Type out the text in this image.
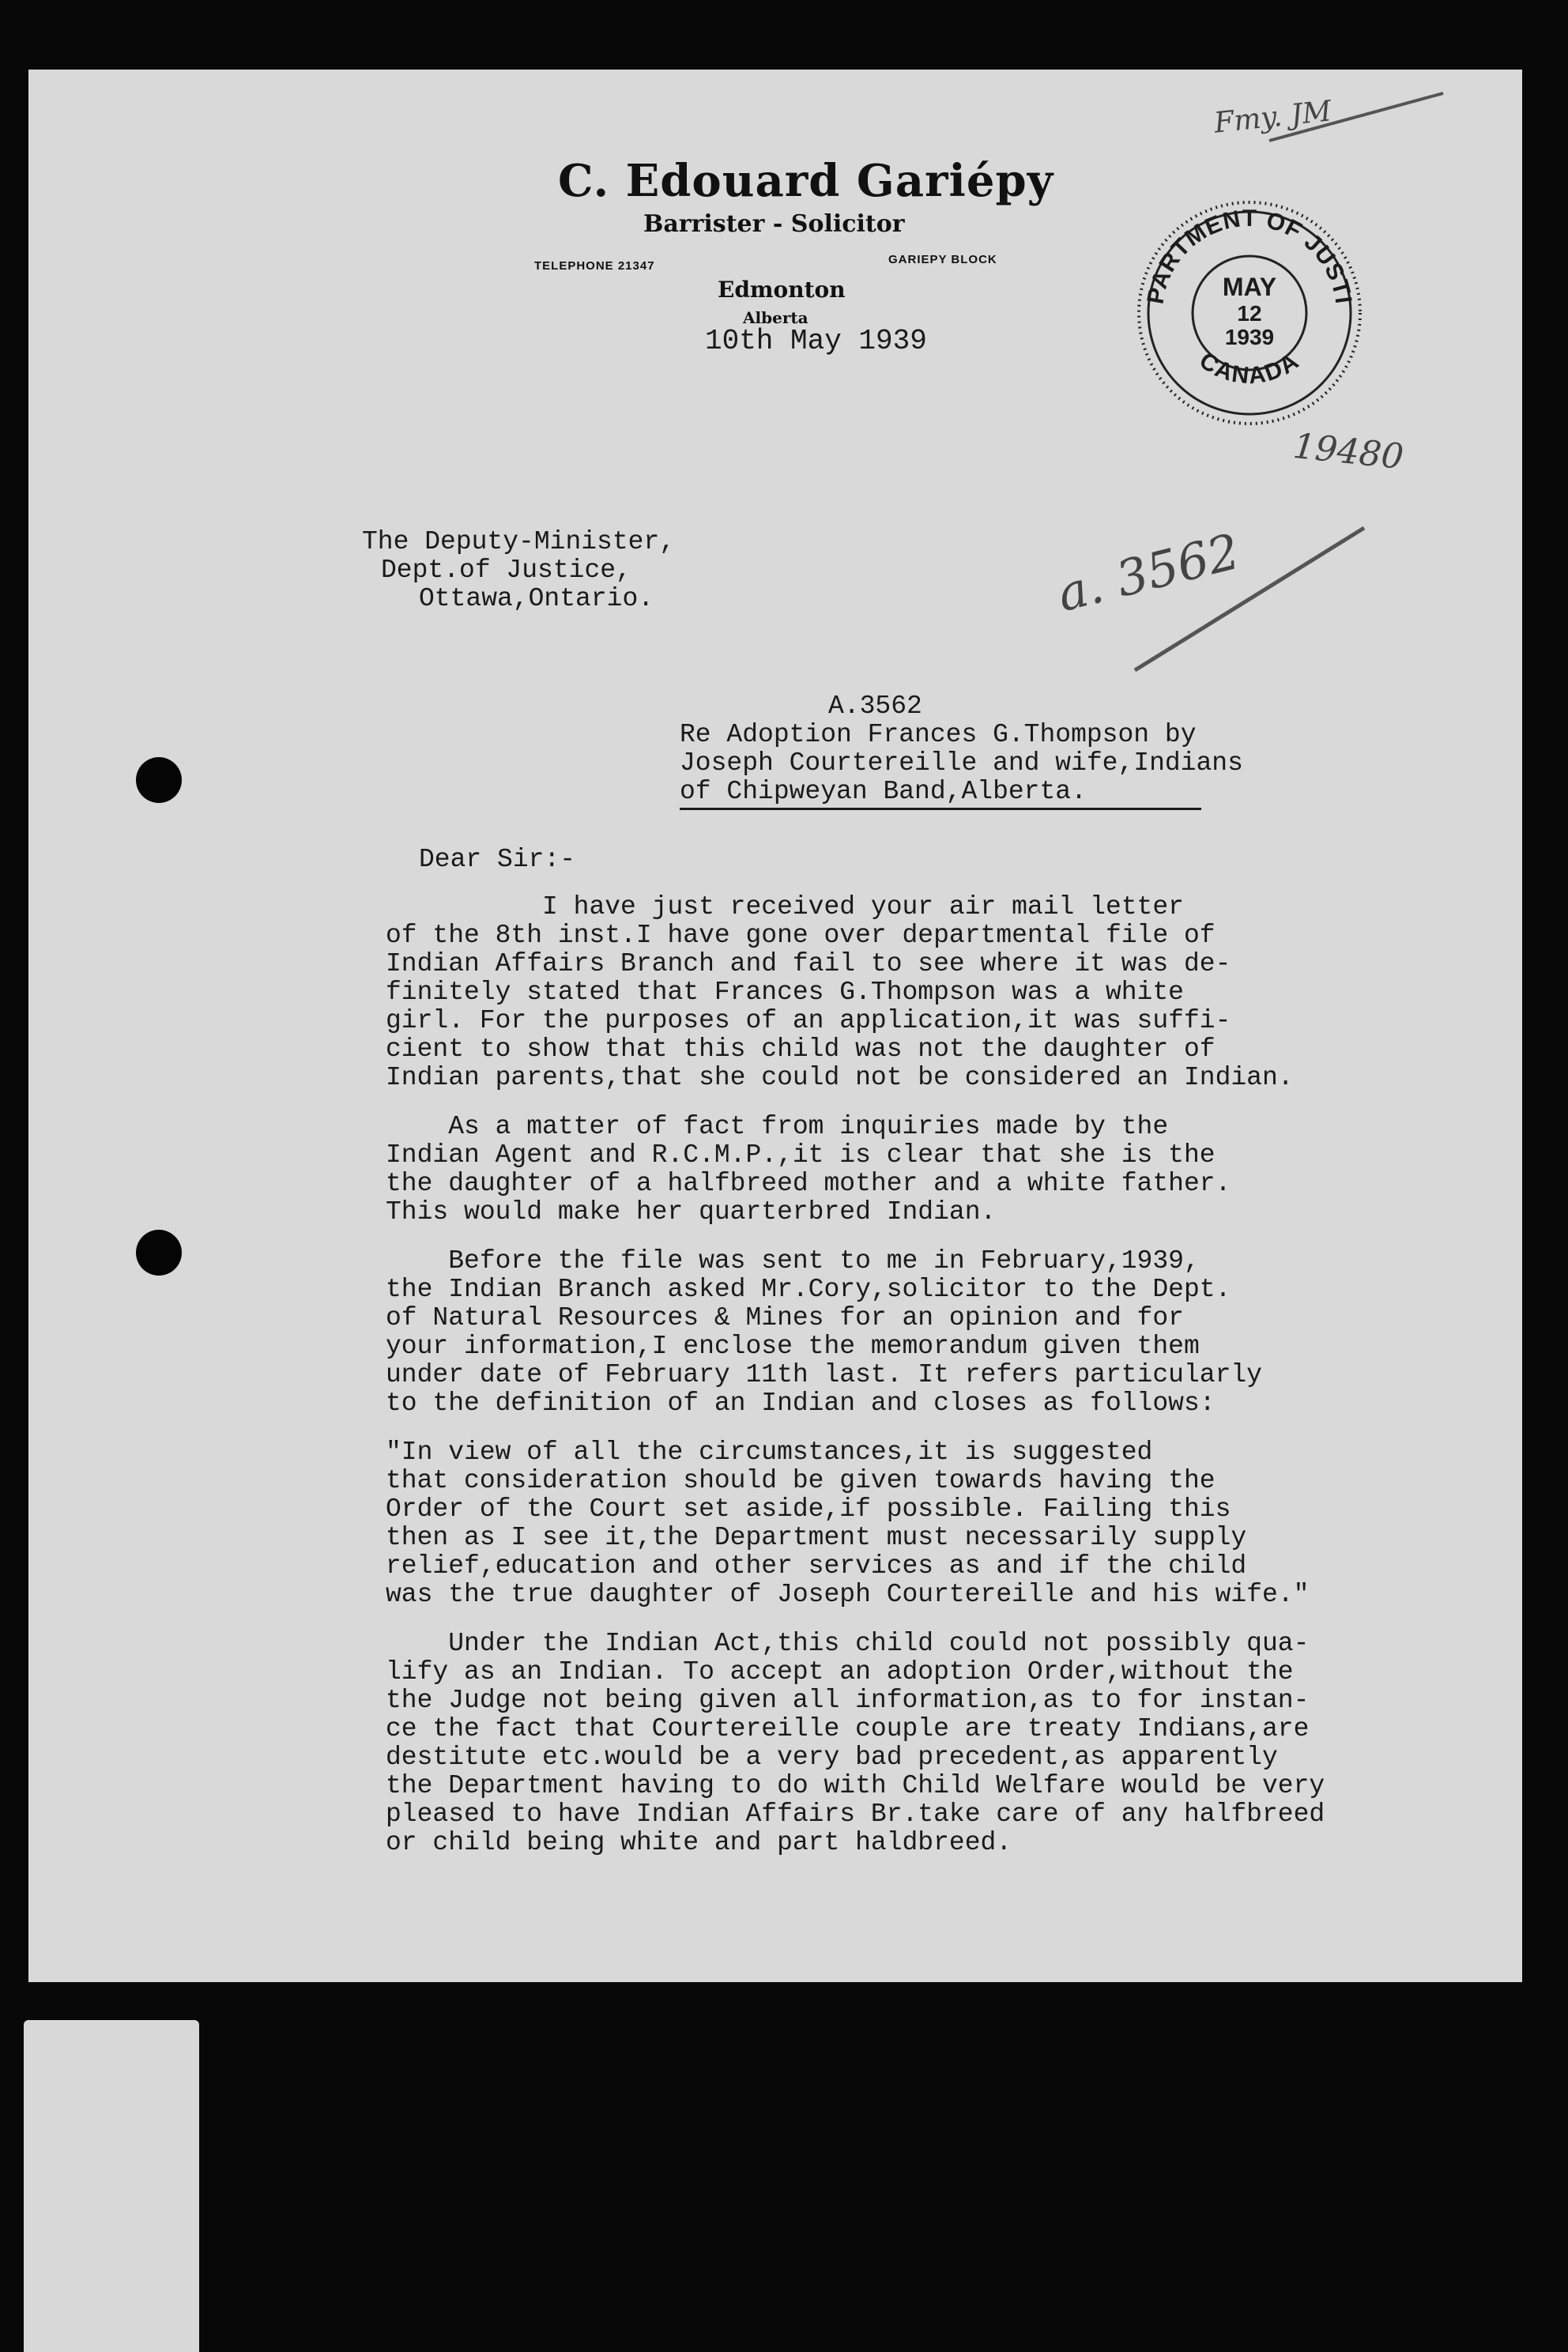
C. Edouard Gariépy
Barrister - Solicitor
TELEPHONE 21347	GARIEPY BLOCK
Edmonton
Alberta
10th May 1939
PARTMENT OF JUSTI
CANADA
MAY
12
1939
19480
a. 3562
Fmy. JM
The Deputy-Minister,
Dept.of Justice,
Ottawa,Ontario.
A.3562
Re Adoption Frances G.Thompson by
Joseph Courtereille and wife,Indians
of Chipweyan Band,Alberta.
Dear Sir:-
I have just received your air mail letter
of the 8th inst.I have gone over departmental file of
Indian Affairs Branch and fail to see where it was de-
finitely stated that Frances G.Thompson was a white
girl. For the purposes of an application,it was suffi-
cient to show that this child was not the daughter of
Indian parents,that she could not be considered an Indian.
As a matter of fact from inquiries made by the
Indian Agent and R.C.M.P.,it is clear that she is the
the daughter of a halfbreed mother and a white father.
This would make her quarterbred Indian.
Before the file was sent to me in February,1939,
the Indian Branch asked Mr.Cory,solicitor to the Dept.
of Natural Resources & Mines for an opinion and for
your information,I enclose the memorandum given them
under date of February 11th last. It refers particularly
to the definition of an Indian and closes as follows:
"In view of all the circumstances,it is suggested
that consideration should be given towards having the
Order of the Court set aside,if possible. Failing this
then as I see it,the Department must necessarily supply
relief,education and other services as and if the child
was the true daughter of Joseph Courtereille and his wife."
Under the Indian Act,this child could not possibly qua-
lify as an Indian. To accept an adoption Order,without the
the Judge not being given all information,as to for instan-
ce the fact that Courtereille couple are treaty Indians,are
destitute etc.would be a very bad precedent,as apparently
the Department having to do with Child Welfare would be very
pleased to have Indian Affairs Br.take care of any halfbreed
or child being white and part haldbreed.
